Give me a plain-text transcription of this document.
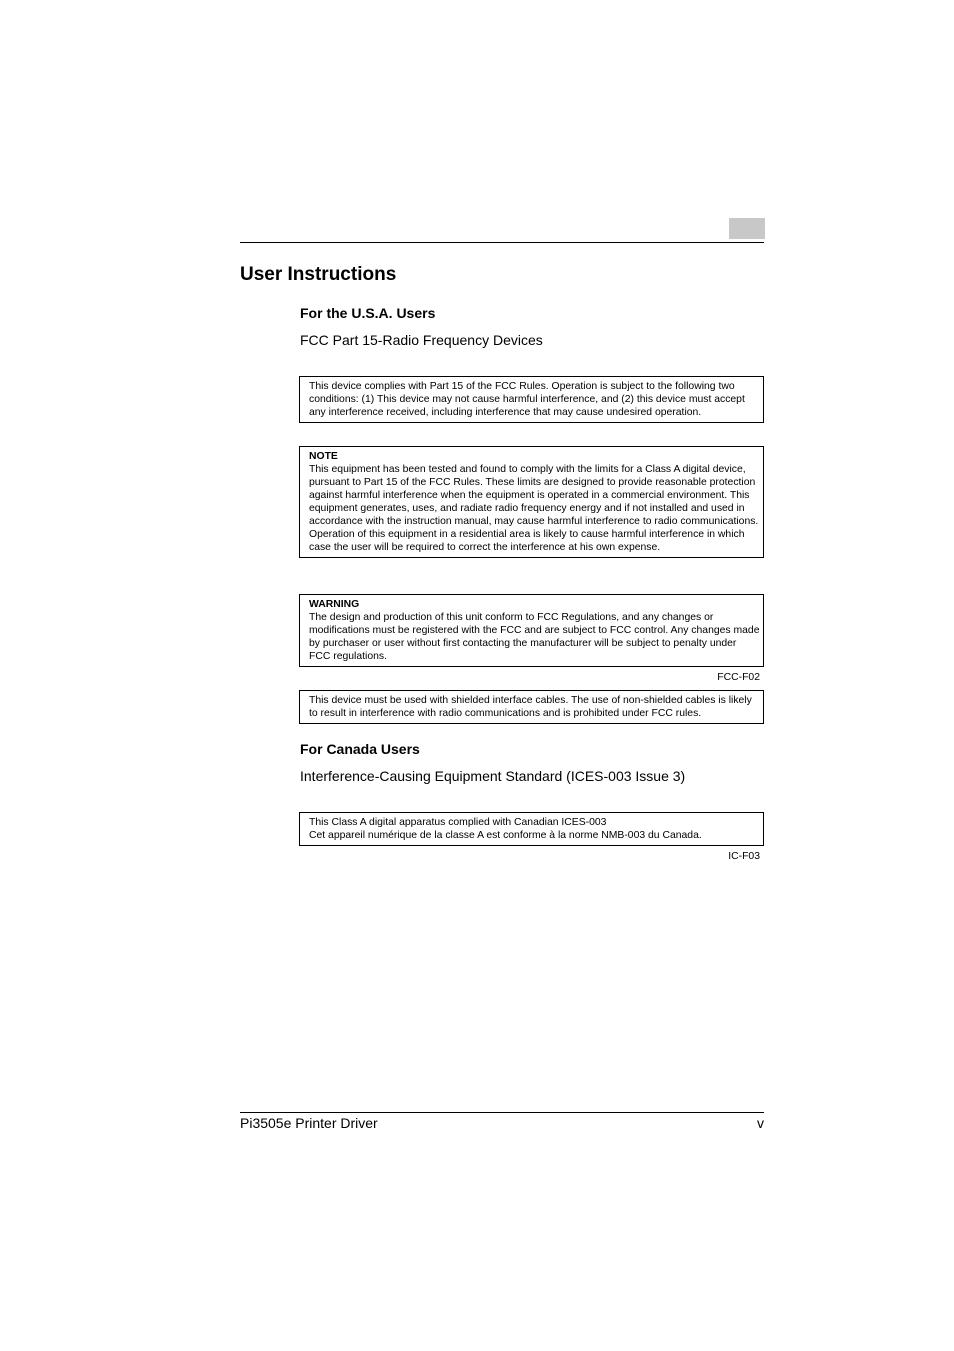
User Instructions
For the U.S.A. Users

FCC Part 15-Radio Frequency Devices

This device complies with Part 15 of the FCC Rules. Operation is subject to the following two conditions: (1) This device may not cause harmful interference, and (2) this device must accept any interference received, including interference that may cause undesired operation.

NOTE

This equipment has been tested and found to comply with the limits for a Class A digital device, pursuant to Part 15 of the FCC Rules. These limits are designed to provide reasonable protection against harmful interference when the equipment is operated in a commercial environment. This equipment generates, uses, and radiate radio frequency energy and if not installed and used in accordance with the instruction manual, may cause harmful interference to radio communications.

Operation of this equipment in a residential area is likely to cause harmful interference in which case the user will be required to correct the interference at his own expense.

WARNING

The design and production of this unit conform to FCC Regulations, and any changes or modifications must be registered with the FCC and are subject to FCC control. Any changes made by purchaser or user without first contacting the manufacturer will be subject to penalty under FCC regulations.

FCC-F02

This device must be used with shielded interface cables. The use of non-shielded cables is likely to result in interference with radio communications and is prohibited under FCC rules.

For Canada Users

Interference-Causing Equipment Standard (ICES-003 Issue 3)

This Class A digital apparatus complied with Canadian ICES-003

Cet appareil numérique de la classe A est conforme à la norme NMB-003 du Canada.

IC-F03
Pi3505e Printer Driver	v
